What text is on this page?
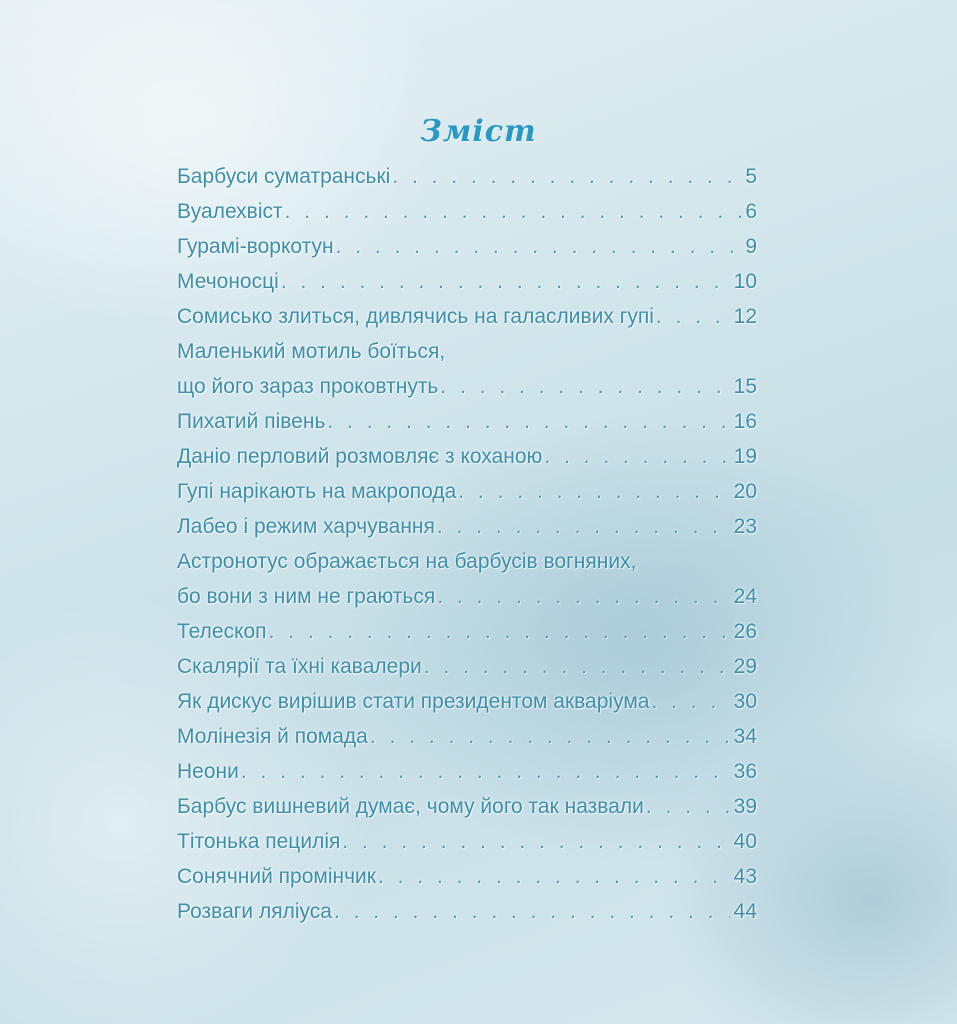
Зміст
Барбуси суматранські . . .	5
Вуалехвіст . . .	6
Гурамі-воркотун . . .	9
Мечоносці . . .	10
Сомисько злиться, дивлячись на галасливих гупі . . .	12
Маленький мотиль боїться,
що його зараз проковтнуть . . .	15
Пихатий півень . . .	16
Даніо перловий розмовляє з коханою . . .	19
Гупі нарікають на макропода . . .	20
Лабео і режим харчування . . .	23
Астронотус ображається на барбусів вогняних,
бо вони з ним не граються . . .	24
Телескоп . . .	26
Скалярії та їхні кавалери . . .	29
Як дискус вирішив стати президентом акваріума . . .	30
Молінезія й помада . . .	34
Неони . . .	36
Барбус вишневий думає, чому його так назвали . . .	39
Тітонька пецилія . . .	40
Сонячний промінчик . . .	43
Розваги ляліуса . . .	44
